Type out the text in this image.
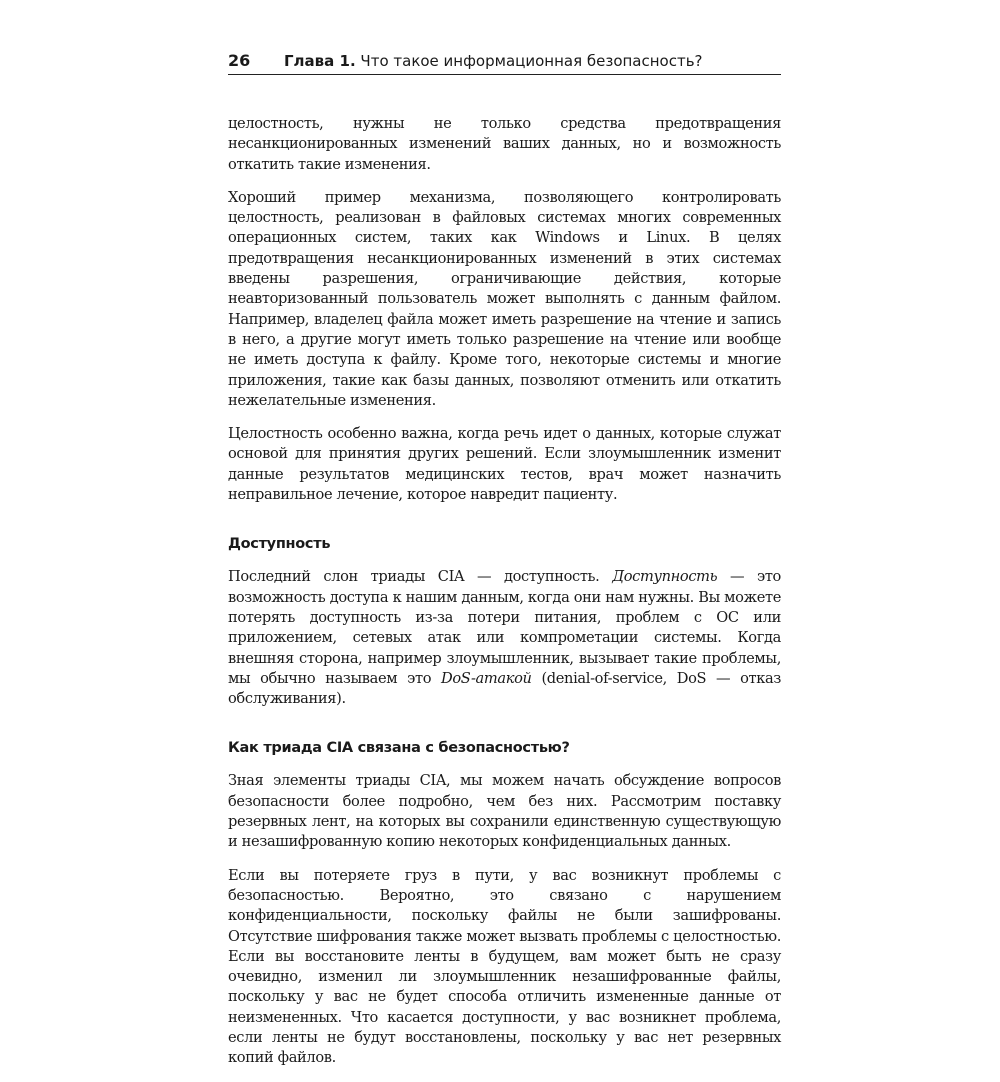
26 Глава 1. Что такое информационная безопасность?

целостность, нужны не только средства предотвращения несанкционированных изменений ваших данных, но и возможность откатить такие изменения.

Хороший пример механизма, позволяющего контролировать целостность, реализован в файловых системах многих современных операционных систем, таких как Windows и Linux. В целях предотвращения несанкционированных изменений в этих системах введены разрешения, ограничивающие действия, которые неавторизованный пользователь может выполнять с данным файлом. Например, владелец файла может иметь разрешение на чтение и запись в него, а другие могут иметь только разрешение на чтение или вообще не иметь доступа к файлу. Кроме того, некоторые системы и многие приложения, такие как базы данных, позволяют отменить или откатить нежелательные изменения.

Целостность особенно важна, когда речь идет о данных, которые служат основой для принятия других решений. Если злоумышленник изменит данные результатов медицинских тестов, врач может назначить неправильное лечение, которое навредит пациенту.

Доступность

Последний слон триады CIA — доступность. Доступность — это возможность доступа к нашим данным, когда они нам нужны. Вы можете потерять доступность из-за потери питания, проблем с ОС или приложением, сетевых атак или компрометации системы. Когда внешняя сторона, например злоумышленник, вызывает такие проблемы, мы обычно называем это DoS-атакой (denial-of-service, DoS — отказ обслуживания).

Как триада CIA связана с безопасностью?

Зная элементы триады CIA, мы можем начать обсуждение вопросов безопасности более подробно, чем без них. Рассмотрим поставку резервных лент, на которых вы сохранили единственную существующую и незашифрованную копию некоторых конфиденциальных данных.

Если вы потеряете груз в пути, у вас возникнут проблемы с безопасностью. Вероятно, это связано с нарушением конфиденциальности, поскольку файлы не были зашифрованы. Отсутствие шифрования также может вызвать проблемы с целостностью. Если вы восстановите ленты в будущем, вам может быть не сразу очевидно, изменил ли злоумышленник незашифрованные файлы, поскольку у вас не будет способа отличить измененные данные от неизмененных. Что касается доступности, у вас возникнет проблема, если ленты не будут восстановлены, поскольку у вас нет резервных копий файлов.
